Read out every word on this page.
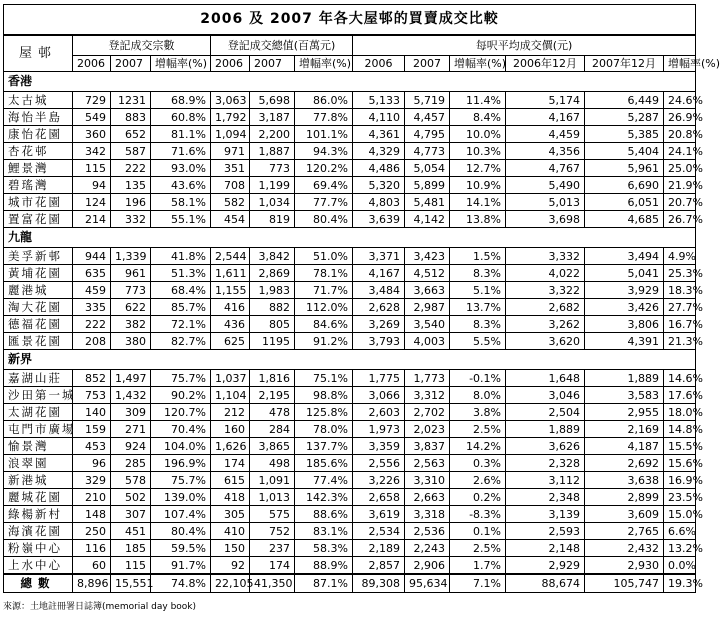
2006 及 2007 年各大屋邨的買賣成交比較												
屋邨	登記成交宗數			登記成交總值(百萬元)			每呎平均成交價(元)					
	2006	2007	增幅率(%)	2006	2007	增幅率(%)	2006	2007	增幅率(%)	2006年12月	2007年12月	增幅率(%)
香港												
太古城	729	1231	68.9%	3,063	5,698	86.0%	5,133	5,719	11.4%	5,174	6,449	24.6%
海怡半島	549	883	60.8%	1,792	3,187	77.8%	4,110	4,457	8.4%	4,167	5,287	26.9%
康怡花園	360	652	81.1%	1,094	2,200	101.1%	4,361	4,795	10.0%	4,459	5,385	20.8%
杏花邨	342	587	71.6%	971	1,887	94.3%	4,329	4,773	10.3%	4,356	5,404	24.1%
鯉景灣	115	222	93.0%	351	773	120.2%	4,486	5,054	12.7%	4,767	5,961	25.0%
碧瑤灣	94	135	43.6%	708	1,199	69.4%	5,320	5,899	10.9%	5,490	6,690	21.9%
城市花園	124	196	58.1%	582	1,034	77.7%	4,803	5,481	14.1%	5,013	6,051	20.7%
置富花園	214	332	55.1%	454	819	80.4%	3,639	4,142	13.8%	3,698	4,685	26.7%
九龍												
美孚新邨	944	1,339	41.8%	2,544	3,842	51.0%	3,371	3,423	1.5%	3,332	3,494	4.9%
黃埔花園	635	961	51.3%	1,611	2,869	78.1%	4,167	4,512	8.3%	4,022	5,041	25.3%
麗港城	459	773	68.4%	1,155	1,983	71.7%	3,484	3,663	5.1%	3,322	3,929	18.3%
淘大花園	335	622	85.7%	416	882	112.0%	2,628	2,987	13.7%	2,682	3,426	27.7%
德福花園	222	382	72.1%	436	805	84.6%	3,269	3,540	8.3%	3,262	3,806	16.7%
匯景花園	208	380	82.7%	625	1195	91.2%	3,793	4,003	5.5%	3,620	4,391	21.3%
新界												
嘉湖山莊	852	1,497	75.7%	1,037	1,816	75.1%	1,775	1,773	-0.1%	1,648	1,889	14.6%
沙田第一城	753	1,432	90.2%	1,104	2,195	98.8%	3,066	3,312	8.0%	3,046	3,583	17.6%
太湖花園	140	309	120.7%	212	478	125.8%	2,603	2,702	3.8%	2,504	2,955	18.0%
屯門市廣場	159	271	70.4%	160	284	78.0%	1,973	2,023	2.5%	1,889	2,169	14.8%
愉景灣	453	924	104.0%	1,626	3,865	137.7%	3,359	3,837	14.2%	3,626	4,187	15.5%
浪翠園	96	285	196.9%	174	498	185.6%	2,556	2,563	0.3%	2,328	2,692	15.6%
新港城	329	578	75.7%	615	1,091	77.4%	3,226	3,310	2.6%	3,112	3,638	16.9%
麗城花園	210	502	139.0%	418	1,013	142.3%	2,658	2,663	0.2%	2,348	2,899	23.5%
綠楊新村	148	307	107.4%	305	575	88.6%	3,619	3,318	-8.3%	3,139	3,609	15.0%
海濱花園	250	451	80.4%	410	752	83.1%	2,534	2,536	0.1%	2,593	2,765	6.6%
粉嶺中心	116	185	59.5%	150	237	58.3%	2,189	2,243	2.5%	2,148	2,432	13.2%
上水中心	60	115	91.7%	92	174	88.9%	2,857	2,906	1.7%	2,929	2,930	0.0%
總數	8,896	15,551	74.8%	22,105	41,350	87.1%	89,308	95,634	7.1%	88,674	105,747	19.3%
來源：土地註冊署日誌簿(memorial day book)
